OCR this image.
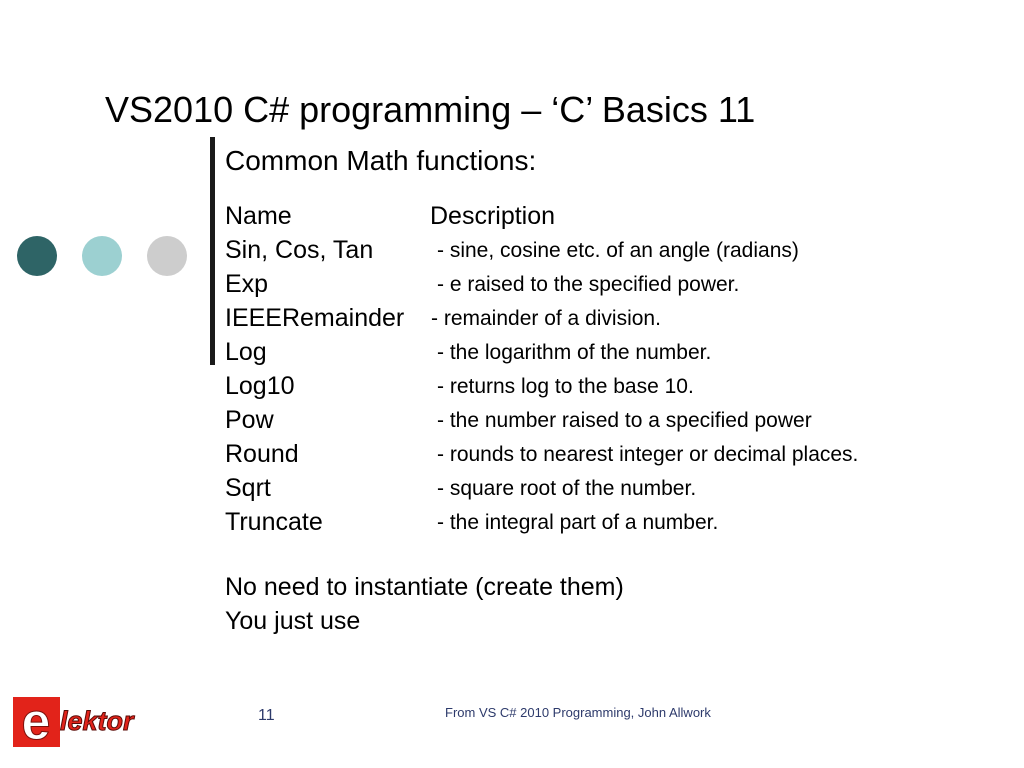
VS2010 C# programming – ‘C’ Basics 11
Common Math functions:
Name	Description
Sin, Cos, Tan	- sine, cosine etc. of an angle (radians)
Exp	- e raised to the specified power.
IEEERemainder - remainder of a division.
Log	- the logarithm of the number.
Log10	- returns log to the base 10.
Pow	- the number raised to a specified power
Round	- rounds to nearest integer or decimal places.
Sqrt	- square root of the number.
Truncate	- the integral part of a number.
No need to instantiate (create them)
You just use
e lektor	11	From VS C# 2010 Programming, John Allwork
